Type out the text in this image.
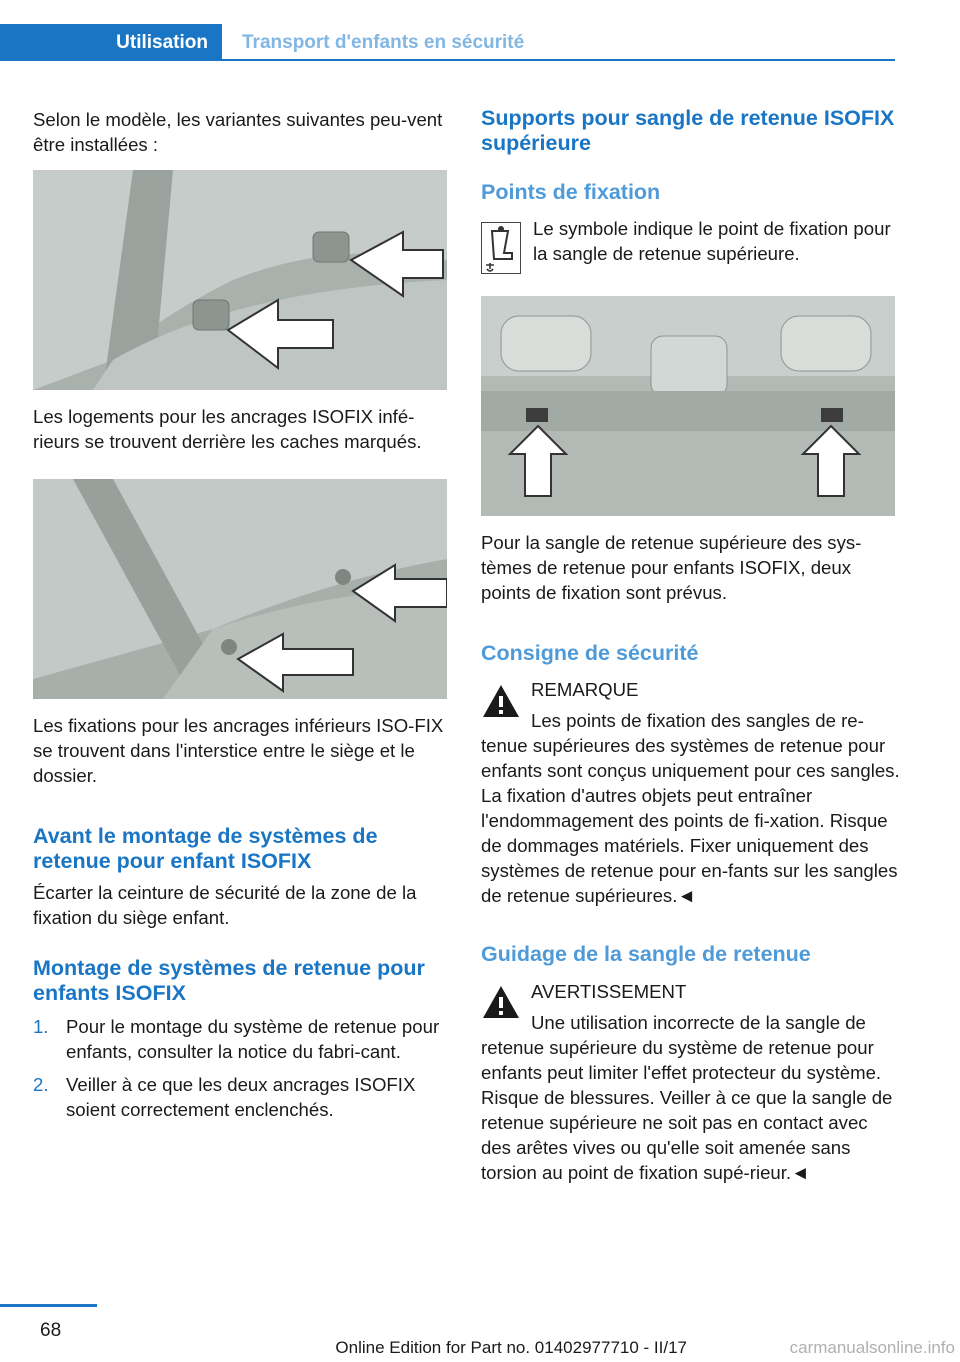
Utilisation	Transport d'enfants en sécurité

Selon le modèle, les variantes suivantes peu‐vent être installées :

Les logements pour les ancrages ISOFIX infé‐rieurs se trouvent derrière les caches marqués.

Les fixations pour les ancrages inférieurs ISO‐FIX se trouvent dans l'interstice entre le siège et le dossier.

Avant le montage de systèmes de retenue pour enfant ISOFIX

Écarter la ceinture de sécurité de la zone de la fixation du siège enfant.

Montage de systèmes de retenue pour enfants ISOFIX
1. Pour le montage du système de retenue pour enfants, consulter la notice du fabri‐cant.
2. Veiller à ce que les deux ancrages ISOFIX soient correctement enclenchés.
Supports pour sangle de retenue ISOFIX supérieure
Points de fixation

Le symbole indique le point de fixation pour la sangle de retenue supérieure.

Pour la sangle de retenue supérieure des sys‐tèmes de retenue pour enfants ISOFIX, deux points de fixation sont prévus.

Consigne de sécurité

REMARQUE

Les points de fixation des sangles de re‐tenue supérieures des systèmes de retenue pour enfants sont conçus uniquement pour ces sangles. La fixation d'autres objets peut entraîner l'endommagement des points de fi‐xation. Risque de dommages matériels. Fixer uniquement des systèmes de retenue pour en‐fants sur les sangles de retenue supérieures.◄

Guidage de la sangle de retenue

AVERTISSEMENT

Une utilisation incorrecte de la sangle de retenue supérieure du système de retenue pour enfants peut limiter l'effet protecteur du système. Risque de blessures. Veiller à ce que la sangle de retenue supérieure ne soit pas en contact avec des arêtes vives ou qu'elle soit amenée sans torsion au point de fixation supé‐rieur.◄

68
Online Edition for Part no. 01402977710 - II/17	carmanualsonline.info
